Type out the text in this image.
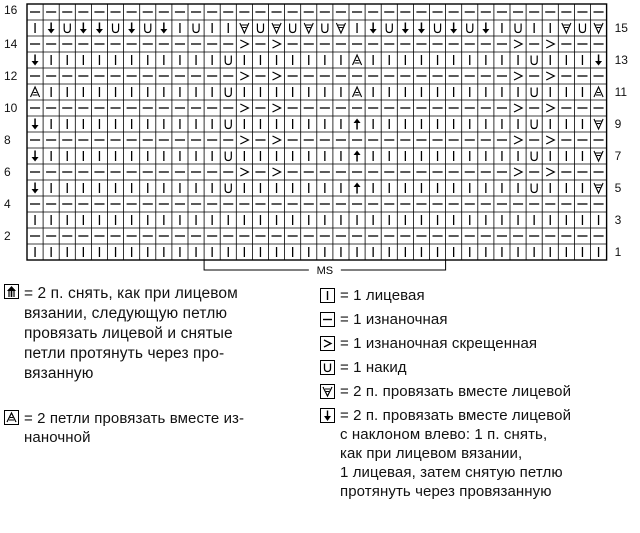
MS
16
14
12
10
8
6
4
2
15
13
11
9
7
5
3
1
= 2 п. снять, как при лицевом
вязании, следующую петлю
провязать лицевой и снятые
петли протянуть через про-
вязанную
= 2 петли провязать вместе из-
наночной
= 1 лицевая
= 1 изнаночная
= 1 изнаночная скрещенная
= 1 накид
= 2 п. провязать вместе лицевой
= 2 п. провязать вместе лицевой
с наклоном влево: 1 п. снять,
как при лицевом вязании,
1 лицевая, затем снятую петлю
протянуть через провязанную
